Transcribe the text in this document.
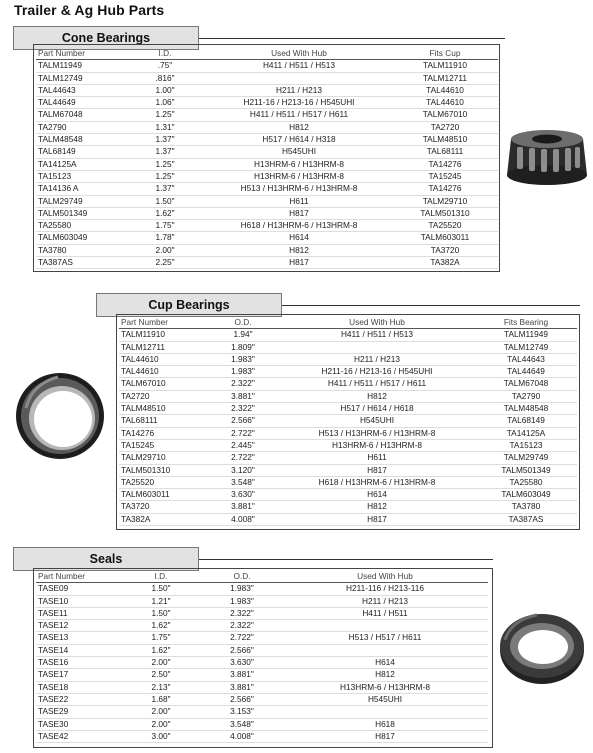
Trailer & Ag Hub Parts
Cone Bearings
Part Number	I.D.	Used With Hub	Fits Cup
TALM11949	.75"	H411 / H511 / H513	TALM11910
TALM12749	.816"		TALM12711
TAL44643	1.00"	H211 / H213	TAL44610
TAL44649	1.06"	H211-16 / H213-16 / H545UHI	TAL44610
TALM67048	1.25"	H411 / H511 / H517 / H611	TALM67010
TA2790	1.31"	H812	TA2720
TALM48548	1.37"	H517 / H614 / H318	TALM48510
TAL68149	1.37"	H545UHI	TAL68111
TA14125A	1.25"	H13HRM-6 / H13HRM-8	TA14276
TA15123	1.25"	H13HRM-6 / H13HRM-8	TA15245
TA14136 A	1.37"	H513 / H13HRM-6 / H13HRM-8	TA14276
TALM29749	1.50"	H611	TALM29710
TALM501349	1.62"	H817	TALM501310
TA25580	1.75"	H618 / H13HRM-6 / H13HRM-8	TA25520
TALM603049	1.78"	H614	TALM603011
TA3780	2.00"	H812	TA3720
TA387AS	2.25"	H817	TA382A
Cup Bearings
Part Number	O.D.	Used With Hub	Fits Bearing
TALM11910	1.94"	H411 / H511 / H513	TALM11949
TALM12711	1.809"		TALM12749
TAL44610	1.983"	H211 / H213	TAL44643
TAL44610	1.983"	H211-16 / H213-16 / H545UHI	TAL44649
TALM67010	2.322"	H411 / H511 / H517 / H611	TALM67048
TA2720	3.881"	H812	TA2790
TALM48510	2.322"	H517 / H614 / H618	TALM48548
TAL68111	2.566"	H545UHI	TAL68149
TA14276	2.722"	H513 / H13HRM-6 / H13HRM-8	TA14125A
TA15245	2.445"	H13HRM-6 / H13HRM-8	TA15123
TALM29710	2.722"	H611	TALM29749
TALM501310	3.120"	H817	TALM501349
TA25520	3.548"	H618 / H13HRM-6 / H13HRM-8	TA25580
TALM603011	3.630"	H614	TALM603049
TA3720	3.881"	H812	TA3780
TA382A	4.008"	H817	TA387AS
Seals
Part Number	I.D.	O.D.	Used With Hub
TASE09	1.50"	1.983"	H211-116 / H213-116
TASE10	1.21"	1.983"	H211 / H213
TASE11	1.50"	2.322"	H411 / H511
TASE12	1.62"	2.322"	
TASE13	1.75"	2.722"	H513 / H517 / H611
TASE14	1.62"	2.566"	
TASE16	2.00"	3.630"	H614
TASE17	2.50"	3.881"	H812
TASE18	2.13"	3.881"	H13HRM-6 / H13HRM-8
TASE22	1.68"	2.566"	H545UHI
TASE29	2.00"	3.153"	
TASE30	2.00"	3.548"	H618
TASE42	3.00"	4.008"	H817
